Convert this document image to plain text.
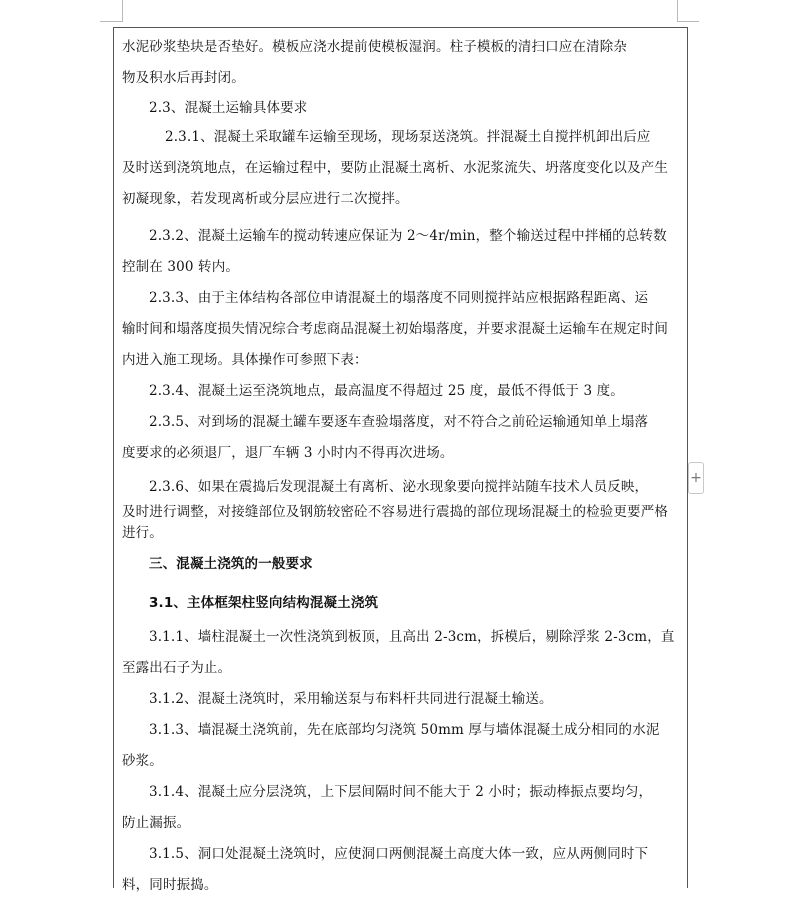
水泥砂浆垫块是否垫好。模板应浇水提前使模板湿润。柱子模板的清扫口应在清除杂

物及积水后再封闭。

2.3、混凝土运输具体要求

2.3.1、混凝土采取罐车运输至现场，现场泵送浇筑。拌混凝土自搅拌机卸出后应

及时送到浇筑地点，在运输过程中，要防止混凝土离析、水泥浆流失、坍落度变化以及产生

初凝现象，若发现离析或分层应进行二次搅拌。

2.3.2、混凝土运输车的搅动转速应保证为 2～4r/min，整个输送过程中拌桶的总转数

控制在 300 转内。

2.3.3、由于主体结构各部位申请混凝土的塌落度不同则搅拌站应根据路程距离、运

输时间和塌落度损失情况综合考虑商品混凝土初始塌落度，并要求混凝土运输车在规定时间

内进入施工现场。具体操作可参照下表：

2.3.4、混凝土运至浇筑地点，最高温度不得超过 25 度，最低不得低于 3 度。

2.3.5、对到场的混凝土罐车要逐车查验塌落度，对不符合之前砼运输通知单上塌落

度要求的必须退厂，退厂车辆 3 小时内不得再次进场。

2.3.6、如果在震捣后发现混凝土有离析、泌水现象要向搅拌站随车技术人员反映，

及时进行调整，对接缝部位及钢筋较密砼不容易进行震捣的部位现场混凝土的检验更要严格

进行。

三、混凝土浇筑的一般要求

3.1、主体框架柱竖向结构混凝土浇筑

3.1.1、墙柱混凝土一次性浇筑到板顶，且高出 2-3cm，拆模后，剔除浮浆 2-3cm，直

至露出石子为止。

3.1.2、混凝土浇筑时，采用输送泵与布料杆共同进行混凝土输送。

3.1.3、墙混凝土浇筑前，先在底部均匀浇筑 50mm 厚与墙体混凝土成分相同的水泥

砂浆。

3.1.4、混凝土应分层浇筑，上下层间隔时间不能大于 2 小时；振动棒振点要均匀，

防止漏振。

3.1.5、洞口处混凝土浇筑时，应使洞口两侧混凝土高度大体一致，应从两侧同时下

料，同时振捣。

+
